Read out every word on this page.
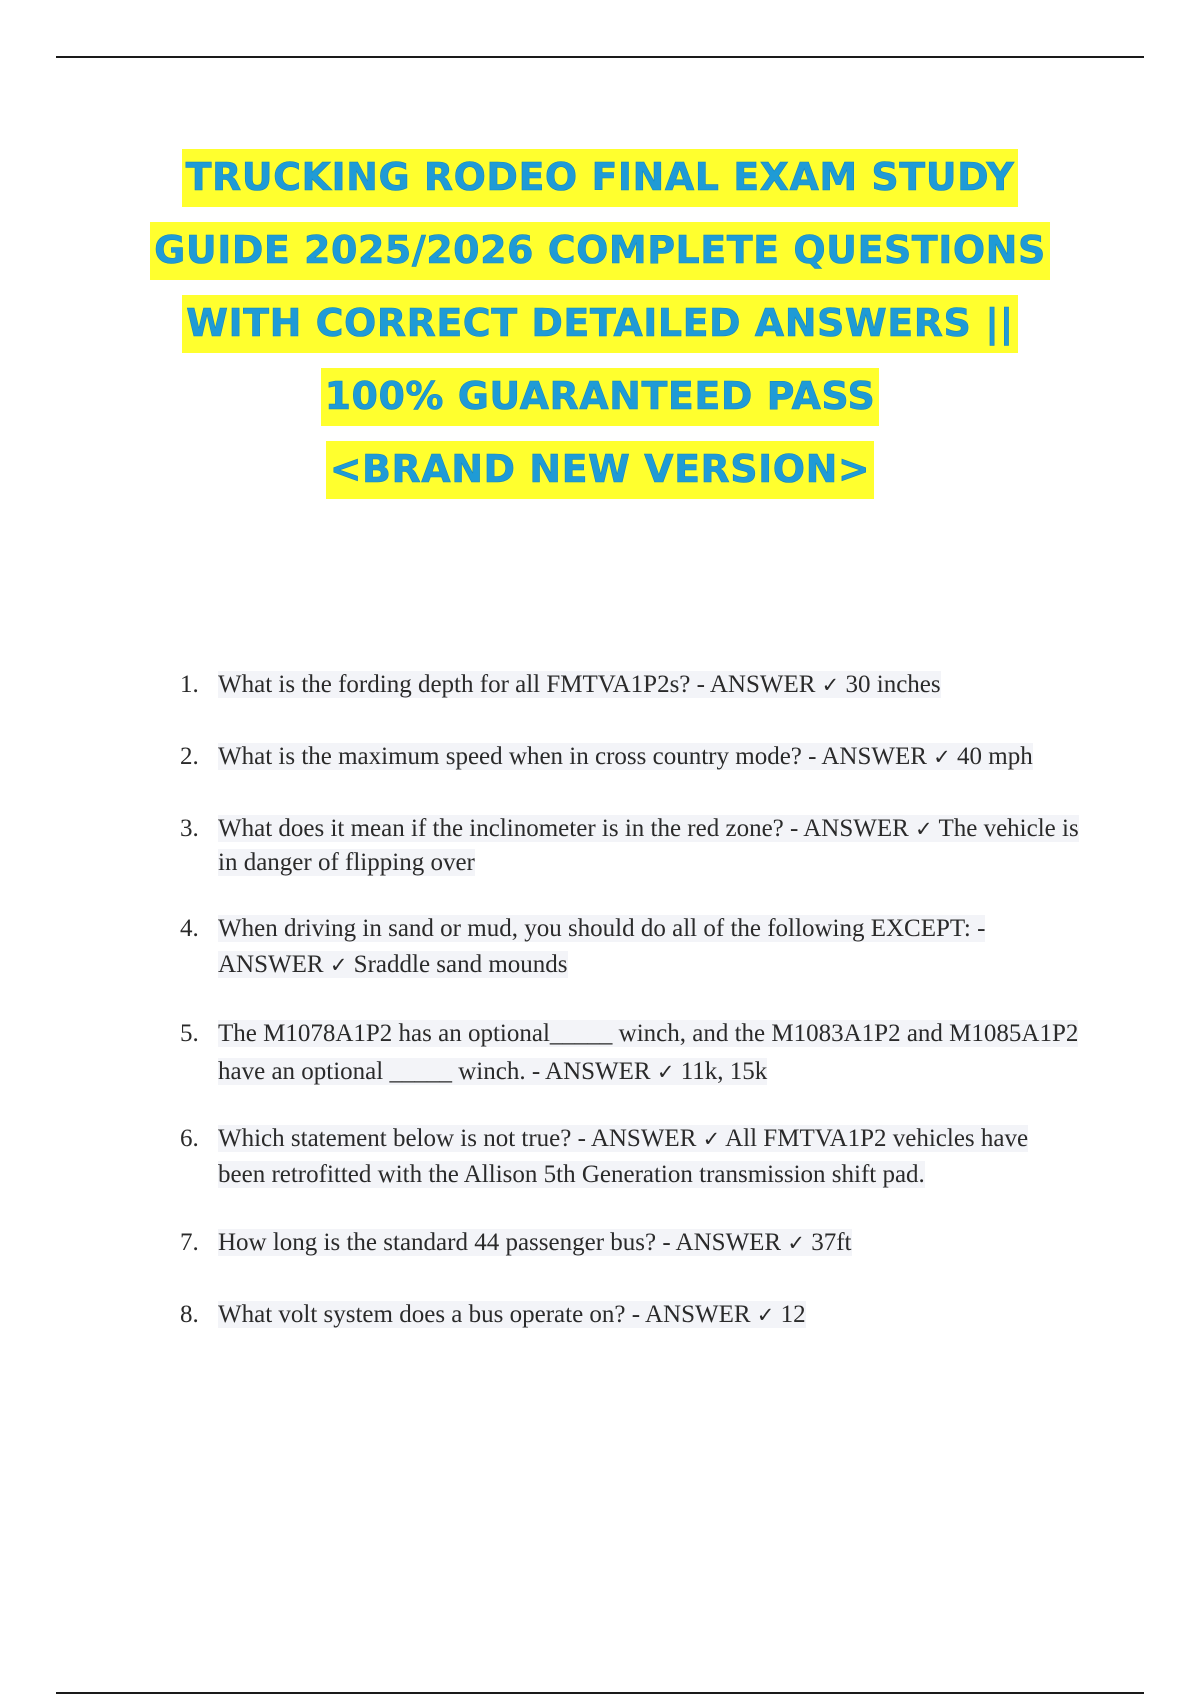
TRUCKING RODEO FINAL EXAM STUDY
GUIDE 2025/2026 COMPLETE QUESTIONS
WITH CORRECT DETAILED ANSWERS ||
100% GUARANTEED PASS
<BRAND NEW VERSION>
1. What is the fording depth for all FMTVA1P2s? - ANSWER ✓ 30 inches
2. What is the maximum speed when in cross country mode? - ANSWER ✓ 40 mph
3. What does it mean if the inclinometer is in the red zone? - ANSWER ✓ The vehicle is in danger of flipping over
4. When driving in sand or mud, you should do all of the following EXCEPT: - ANSWER ✓ Sraddle sand mounds
5. The M1078A1P2 has an optional_____ winch, and the M1083A1P2 and M1085A1P2 have an optional _____ winch. - ANSWER ✓ 11k, 15k
6. Which statement below is not true? - ANSWER ✓ All FMTVA1P2 vehicles have been retrofitted with the Allison 5th Generation transmission shift pad.
7. How long is the standard 44 passenger bus? - ANSWER ✓ 37ft
8. What volt system does a bus operate on? - ANSWER ✓ 12
